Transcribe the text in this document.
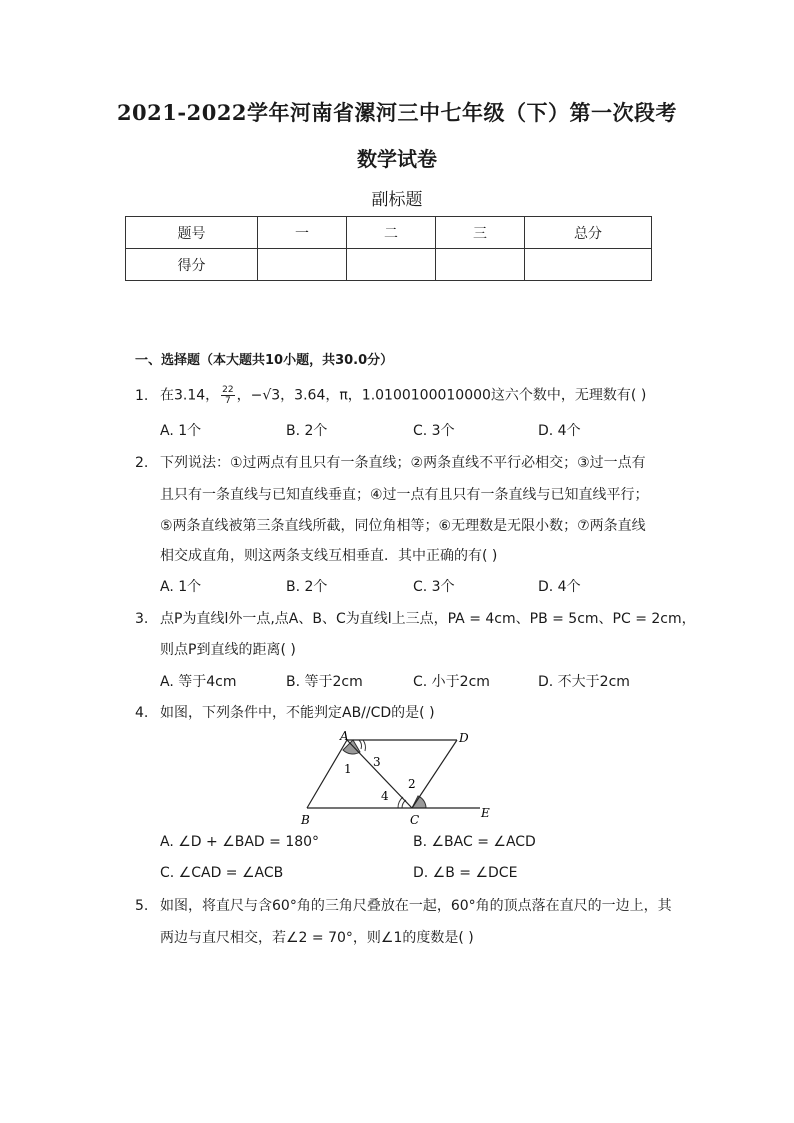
2021-2022学年河南省漯河三中七年级（下）第一次段考
数学试卷
副标题
题号	一	二	三	总分
得分				
一、选择题（本大题共10小题，共30.0分）
1. 在3.14， $\frac{22}{7}$ ，−√3，3.64，π，1.010010001000​0这六个数中，无理数有( )
A. 1个	B. 2个	C. 3个	D. 4个
2. 下列说法：①过两点有且只有一条直线；②两条直线不平行必相交；③过一点有
且只有一条直线与已知直线垂直；④过一点有且只有一条直线与已知直线平行；
⑤两条直线被第三条直线所截，同位角相等；⑥无理数是无限小数；⑦两条直线
相交成直角，则这两条支线互相垂直．其中正确的有( )
A. 1个	B. 2个	C. 3个	D. 4个
3. 点P为直线l外一点,点A、B、C为直线l上三点，PA = 4cm、PB = 5cm、PC = 2cm，
则点P到直线的距离( )
A. 等于4cm	B. 等于2cm	C. 小于2cm	D. 不大于2cm
4. 如图，下列条件中，不能判定AB//CD的是( )
A	D
B	C	E
1 3
2
4
A. ∠D + ∠BAD = 180°	B. ∠BAC = ∠ACD
C. ∠CAD = ∠ACB	D. ∠B = ∠DCE
5. 如图，将直尺与含60°角的三角尺叠放在一起，60°角的顶点落在直尺的一边上，其
两边与直尺相交，若∠2 = 70°，则∠1的度数是( )
